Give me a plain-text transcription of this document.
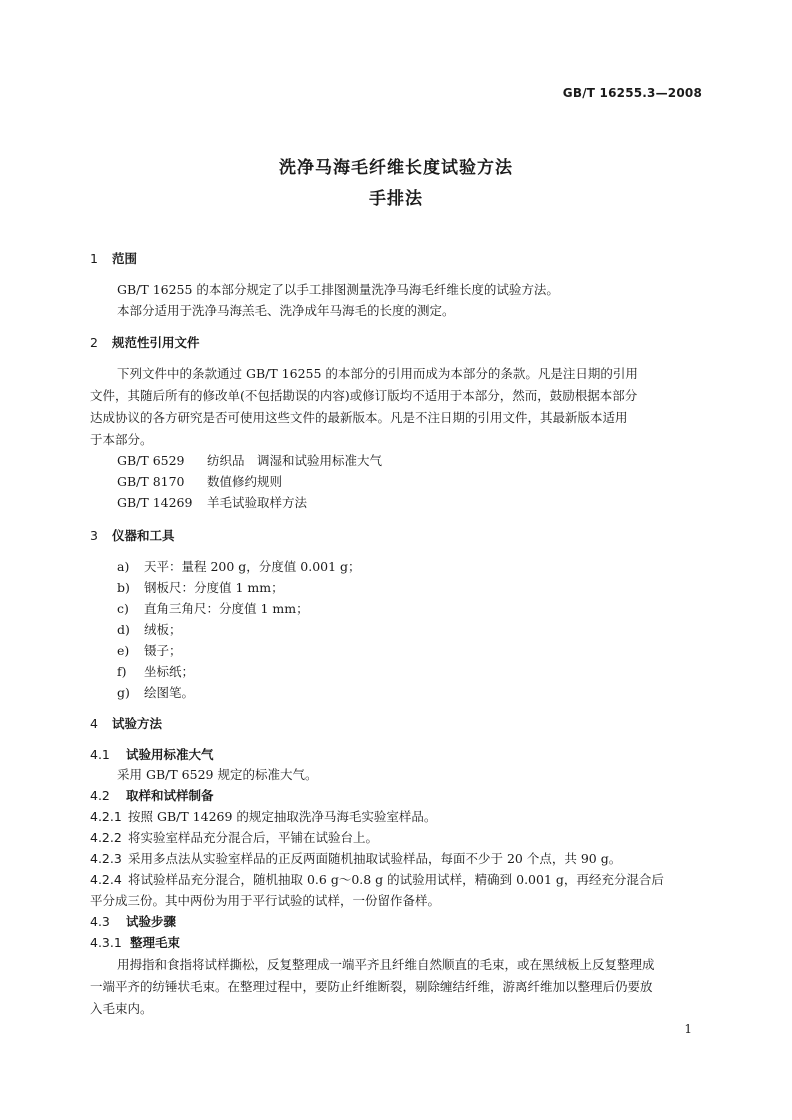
GB/T 16255.3—2008
洗净马海毛纤维长度试验方法
手排法
1 范围
GB/T 16255 的本部分规定了以手工排图测量洗净马海毛纤维长度的试验方法。
本部分适用于洗净马海羔毛、洗净成年马海毛的长度的测定。
2 规范性引用文件
下列文件中的条款通过 GB/T 16255 的本部分的引用而成为本部分的条款。凡是注日期的引用
文件，其随后所有的修改单(不包括勘误的内容)或修订版均不适用于本部分，然而，鼓励根据本部分
达成协议的各方研究是否可使用这些文件的最新版本。凡是不注日期的引用文件，其最新版本适用
于本部分。
GB/T 6529 纺织品　调湿和试验用标准大气
GB/T 8170 数值修约规则
GB/T 14269 羊毛试验取样方法
3 仪器和工具
a) 天平：量程 200 g，分度值 0.001 g；
b) 钢板尺：分度值 1 mm；
c) 直角三角尺：分度值 1 mm；
d) 绒板；
e) 镊子；
f) 坐标纸；
g) 绘图笔。
4 试验方法
4.1 试验用标准大气
采用 GB/T 6529 规定的标准大气。
4.2 取样和试样制备
4.2.1 按照 GB/T 14269 的规定抽取洗净马海毛实验室样品。
4.2.2 将实验室样品充分混合后，平铺在试验台上。
4.2.3 采用多点法从实验室样品的正反两面随机抽取试验样品，每面不少于 20 个点，共 90 g。
4.2.4 将试验样品充分混合，随机抽取 0.6 g～0.8 g 的试验用试样，精确到 0.001 g，再经充分混合后
平分成三份。其中两份为用于平行试验的试样，一份留作备样。
4.3 试验步骤
4.3.1 整理毛束
用拇指和食指将试样撕松，反复整理成一端平齐且纤维自然顺直的毛束，或在黑绒板上反复整理成
一端平齐的纺锤状毛束。在整理过程中，要防止纤维断裂，剔除缠结纤维，游离纤维加以整理后仍要放
入毛束内。
1
